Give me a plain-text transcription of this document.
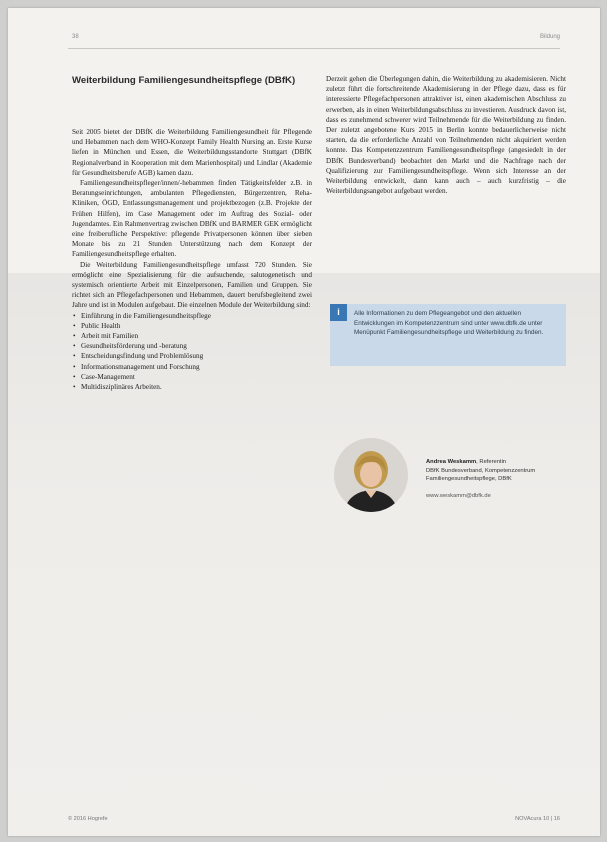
38	Bildung
Weiterbildung Familiengesundheitspflege (DBfK)

Seit 2005 bietet der DBfK die Weiterbildung Familiengesundheit für Pflegende und Hebammen nach dem WHO-Konzept Family Health Nursing an. Erste Kurse liefen in München und Essen, die Weiterbildungsstandorte Stuttgart (DBfK Regionalverband in Kooperation mit dem Marienhospital) und Lindlar (Akademie für Gesundheitsberufe AGB) kamen dazu.

Familiengesundheitspfleger/innen/-hebammen finden Tätigkeitsfelder z.B. in Beratungseinrichtungen, ambulanten Pflegediensten, Bürgerzentren, Reha-Kliniken, ÖGD, Entlassungsmanagement und projektbezogen (z.B. Projekte der Frühen Hilfen), im Case Management oder im Auftrag des Sozial- oder Jugendamtes. Ein Rahmenvertrag zwischen DBfK und BARMER GEK ermöglicht eine freiberufliche Perspektive: pflegende Privatpersonen können über sieben Monate bis zu 21 Stunden Unterstützung nach dem Konzept der Familiengesundheitspflege erhalten.

Die Weiterbildung Familiengesundheitspflege umfasst 720 Stunden. Sie ermöglicht eine Spezialisierung für die aufsuchende, salutogenetisch und systemisch orientierte Arbeit mit Einzelpersonen, Familien und Gruppen. Sie richtet sich an Pflegefachpersonen und Hebammen, dauert berufsbegleitend zwei Jahre und ist in Modulen aufgebaut. Die einzelnen Module der Weiterbildung sind:

• Einführung in die Familiengesundheitspflege
• Public Health
• Arbeit mit Familien
• Gesundheitsförderung und -beratung
• Entscheidungsfindung und Problemlösung
• Informationsmanagement und Forschung
• Case-Management
• Multidisziplinäres Arbeiten.

Derzeit gehen die Überlegungen dahin, die Weiterbildung zu akademisieren. Nicht zuletzt führt die fortschreitende Akademisierung in der Pflege dazu, dass es für interessierte Pflegefachpersonen attraktiver ist, einen akademischen Abschluss zu erwerben, als in einen Weiterbildungsabschluss zu investieren. Ausdruck davon ist, dass es zunehmend schwerer wird Teilnehmende für die Weiterbildung zu finden. Der zuletzt angebotene Kurs 2015 in Berlin konnte bedauerlicherweise nicht starten, da die erforderliche Anzahl von Teilnehmenden nicht akquiriert werden konnte. Das Kompetenzzentrum Familiengesundheitspflege (angesiedelt in der DBfK Bundesverband) beobachtet den Markt und die Nachfrage nach der Qualifizierung zur Familiengesundheitspflege. Wenn sich Interesse an der Weiterbildung entwickelt, dann kann auch – auch kurzfristig – die Weiterbildungsangebot aufgebaut werden.

i	Alle Informationen zu dem Pflegeangebot und den aktuellen Entwicklungen im Kompetenzzentrum sind unter www.dbfk.de unter Menüpunkt Familiengesundheitspflege und Weiterbildung zu finden.
Andrea Weskamm, Referentin
DBfK Bundesverband, Kompetenzzentrum
Familiengesundheitspflege, DBfK
www.weskamm@dbfk.de
© 2016 Hogrefe	NOVAcura 10 | 16
